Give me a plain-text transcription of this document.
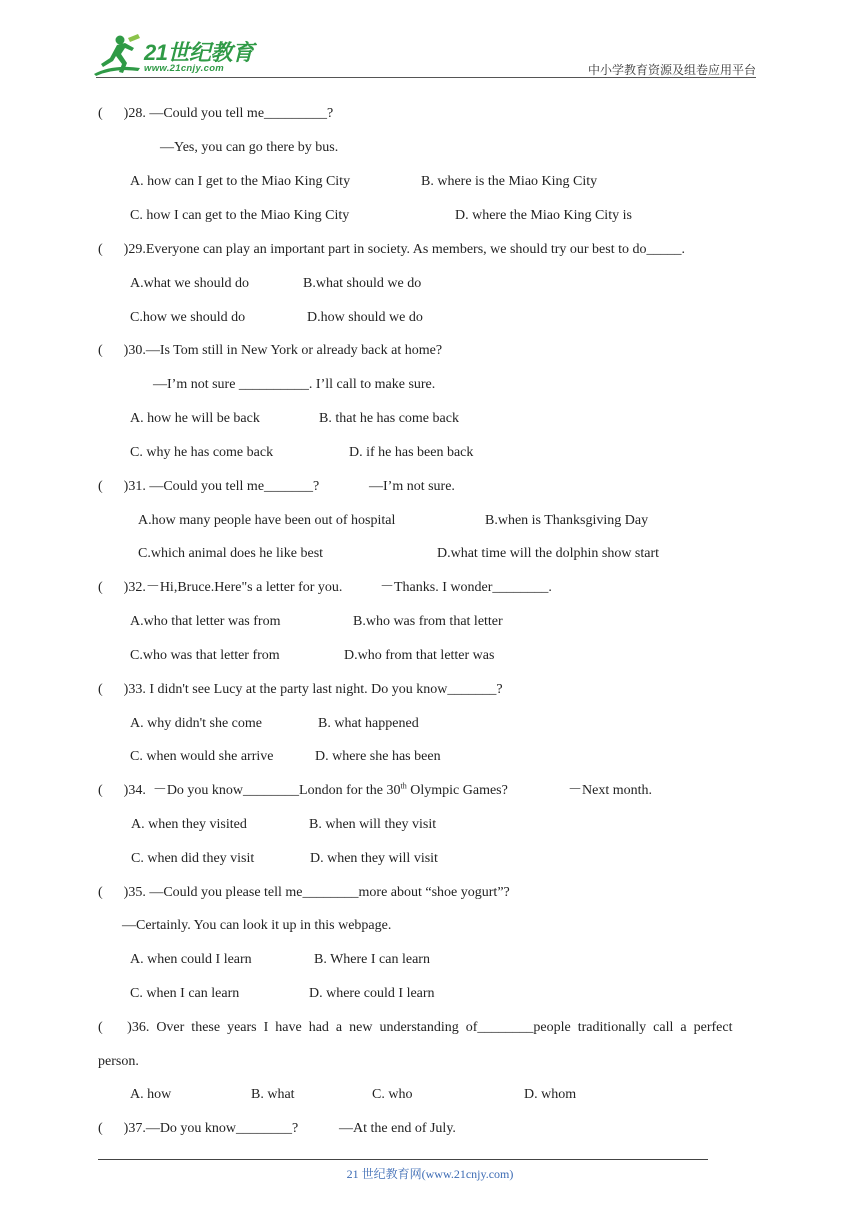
21世纪教育
www.21cnjy.com	中小学教育资源及组卷应用平台
(      )28. —Could you tell me_________?
—Yes, you can go there by bus.
A. how can I get to the Miao King City	B. where is the Miao King City
C. how I can get to the Miao King City	D. where the Miao King City is
(      )29.Everyone can play an important part in society. As members, we should try our best to do_____.
A.what we should do	B.what should we do
C.how we should do	D.how should we do
(      )30.—Is Tom still in New York or already back at home?
—I’m not sure __________. I’ll call to make sure.
A. how he will be back	B. that he has come back
C. why he has come back	D. if he has been back
(      )31. —Could you tell me_______?	—I’m not sure.
A.how many people have been out of hospital	B.when is Thanksgiving Day
C.which animal does he like best	D.what time will the dolphin show start
(      )32.－Hi,Bruce.Here"s a letter for you.	－Thanks. I wonder________.
A.who that letter was from	B.who was from that letter
C.who was that letter from	D.who from that letter was
(      )33. I didn't see Lucy at the party last night. Do you know_______?
A. why didn't she come	B. what happened
C. when would she arrive	D. where she has been
(      )34.  －Do you know________London for the 30th Olympic Games?	－Next month.
A. when they visited	B. when will they visit
C. when did they visit	D. when they will visit
(      )35. —Could you please tell me________more about “shoe yogurt”?
—Certainly. You can look it up in this webpage.
A. when could I learn	B. Where I can learn
C. when I can learn	D. where could I learn
(       )36.  Over  these  years  I  have  had  a  new  understanding  of________people  traditionally  call  a  perfect
person.
A. how	B. what	C. who	D. whom
(      )37.—Do you know________?	—At the end of July.
21 世纪教育网(www.21cnjy.com)
